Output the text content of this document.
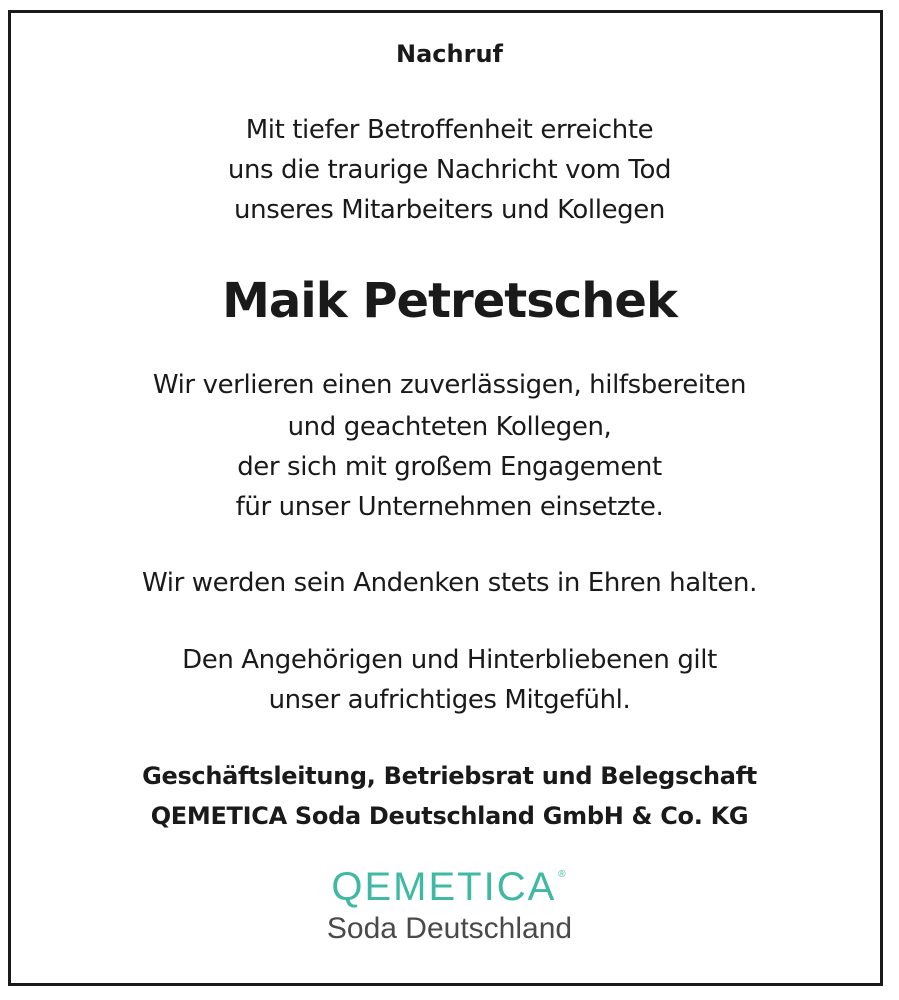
Nachruf
Mit tiefer Betroffenheit erreichte
uns die traurige Nachricht vom Tod
unseres Mitarbeiters und Kollegen
Maik Petretschek
Wir verlieren einen zuverlässigen, hilfsbereiten
und geachteten Kollegen,
der sich mit großem Engagement
für unser Unternehmen einsetzte.
Wir werden sein Andenken stets in Ehren halten.
Den Angehörigen und Hinterbliebenen gilt
unser aufrichtiges Mitgefühl.
Geschäftsleitung, Betriebsrat und Belegschaft
QEMETICA Soda Deutschland GmbH & Co. KG
QEMETICA ®
Soda Deutschland
